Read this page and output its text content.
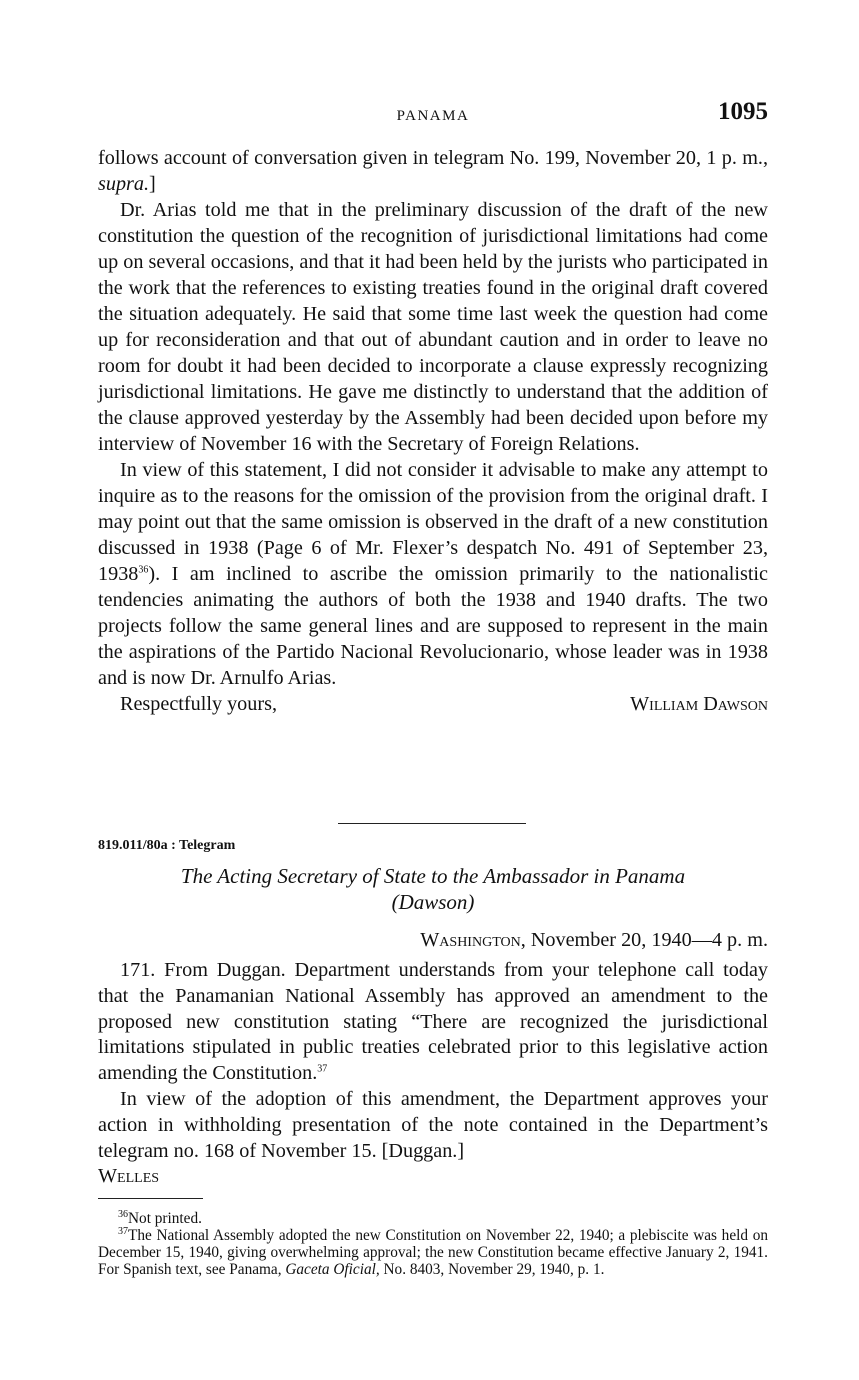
PANAMA	1095

follows account of conversation given in telegram No. 199, November 20, 1 p. m., supra.]

Dr. Arias told me that in the preliminary discussion of the draft of the new constitution the question of the recognition of jurisdictional limitations had come up on several occasions, and that it had been held by the jurists who participated in the work that the references to existing treaties found in the original draft covered the situation adequately. He said that some time last week the question had come up for reconsideration and that out of abundant caution and in order to leave no room for doubt it had been decided to incorporate a clause expressly recognizing jurisdictional limitations. He gave me distinctly to understand that the addition of the clause approved yesterday by the Assembly had been decided upon before my interview of November 16 with the Secretary of Foreign Relations.

In view of this statement, I did not consider it advisable to make any attempt to inquire as to the reasons for the omission of the provision from the original draft. I may point out that the same omission is observed in the draft of a new constitution discussed in 1938 (Page 6 of Mr. Flexer’s despatch No. 491 of September 23, 1938$^{36}$). I am inclined to ascribe the omission primarily to the nationalistic tendencies animating the authors of both the 1938 and 1940 drafts. The two projects follow the same general lines and are supposed to represent in the main the aspirations of the Partido Nacional Revolucionario, whose leader was in 1938 and is now Dr. Arnulfo Arias.

Respectfully yours,	William Dawson
819.011/80a : Telegram
The Acting Secretary of State to the Ambassador in Panama
(Dawson)
Washington, November 20, 1940—4 p. m.

171. From Duggan. Department understands from your telephone call today that the Panamanian National Assembly has approved an amendment to the proposed new constitution stating “There are recognized the jurisdictional limitations stipulated in public treaties celebrated prior to this legislative action amending the Constitution.$^{37}$

In view of the adoption of this amendment, the Department approves your action in withholding presentation of the note contained in the Department’s telegram no. 168 of November 15. [Duggan.]

Welles

$^{36}$Not printed.

$^{37}$The National Assembly adopted the new Constitution on November 22, 1940; a plebiscite was held on December 15, 1940, giving overwhelming approval; the new Constitution became effective January 2, 1941. For Spanish text, see Panama, Gaceta Oficial, No. 8403, November 29, 1940, p. 1.
